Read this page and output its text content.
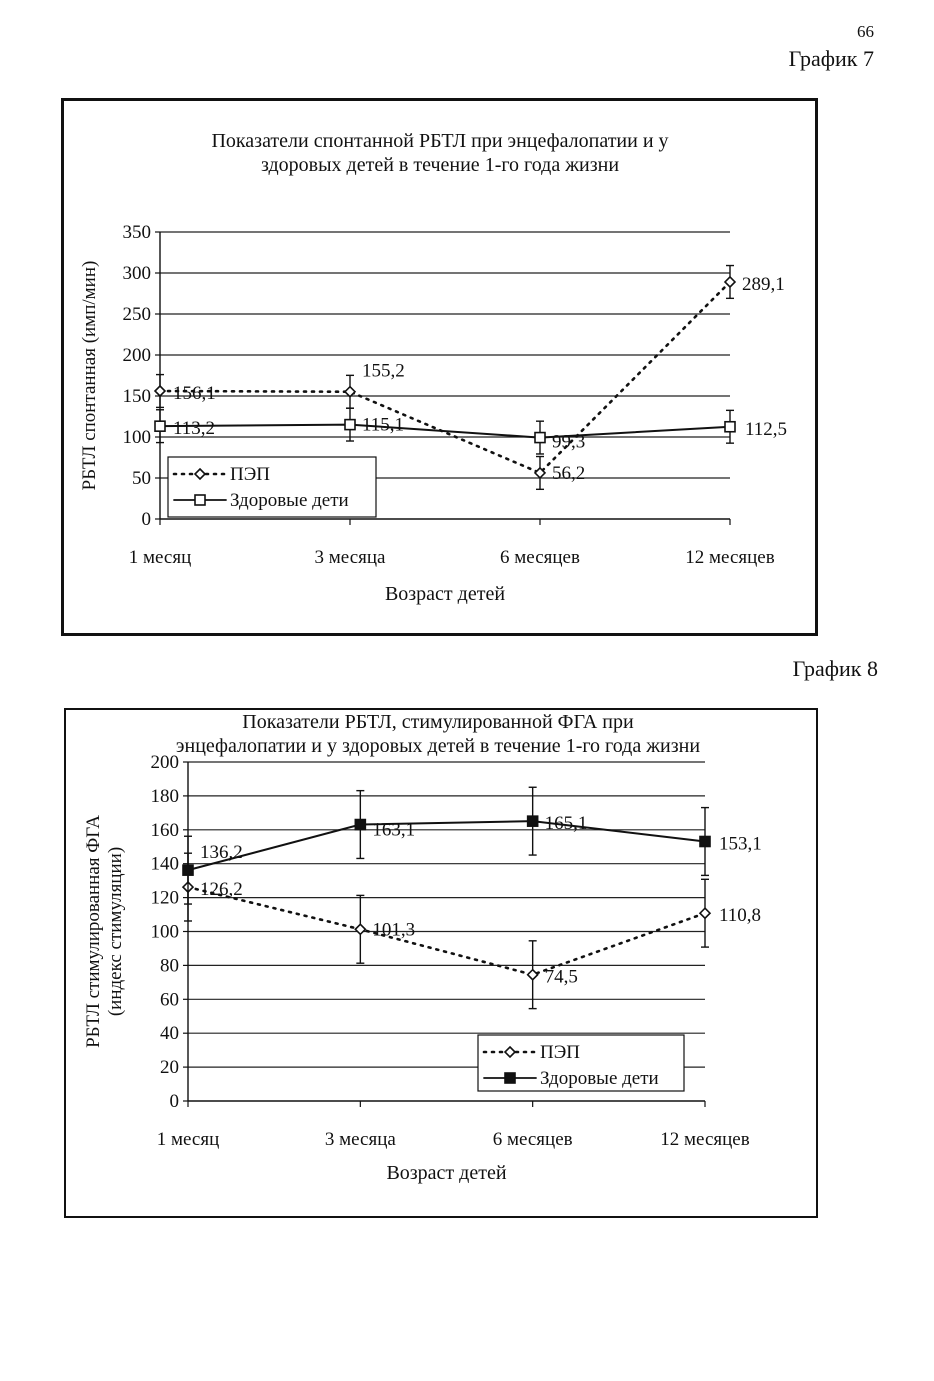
66
График 7
График 8
Показатели спонтанной РБТЛ при энцефалопатии и у
здоровых детей в течение 1-го года жизни
0
50
100
150
200
250
300
350
1 месяц	3 месяца	6 месяцев	12 месяцев
Возраст детей
РБТЛ спонтанная (имп/мин)	156,1
155,2
56,2
289,1
113,2	115,1
99,3
112,5
ПЭП
Здоровые дети
Показатели РБТЛ, стимулированной ФГА при
энцефалопатии и у здоровых детей в течение 1-го года жизни
0
20
40
60
80
100
120
140
160
180
200
1 месяц	3 месяца	6 месяцев	12 месяцев
Возраст детей
РБТЛ стимулированная ФГА (индекс стимуляции)	126,2
101,3
74,5
110,8
136,2
163,1	165,1
153,1
ПЭП
Здоровые дети
